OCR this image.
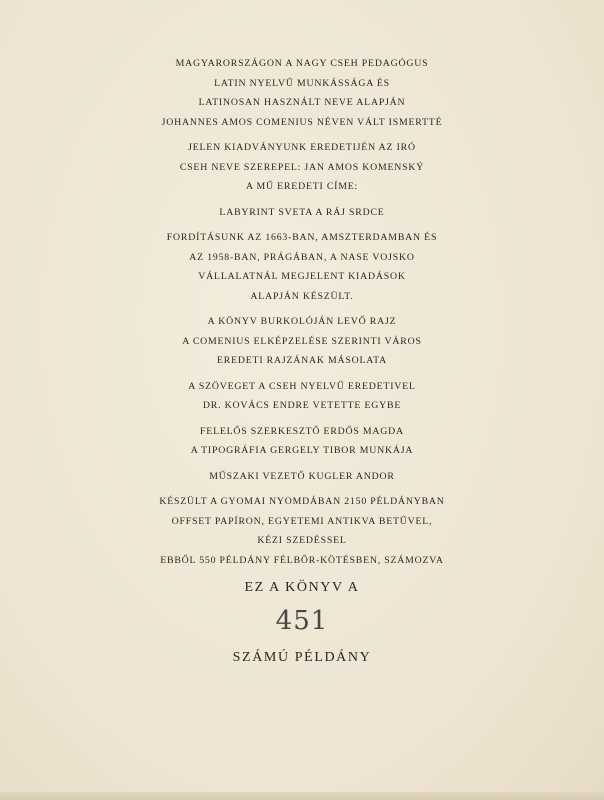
MAGYARORSZÁGON A NAGY CSEH PEDAGÓGUS
LATIN NYELVŰ MUNKÁSSÁGA ÉS
LATINOSAN HASZNÁLT NEVE ALAPJÁN
JOHANNES AMOS COMENIUS NÉVEN VÁLT ISMERTTÉ
JELEN KIADVÁNYUNK EREDETIJÉN AZ IRÓ
CSEH NEVE SZEREPEL: JAN AMOS KOMENSKÝ
A MŰ EREDETI CÍME:
LABYRINT SVETA A RÁJ SRDCE
FORDÍTÁSUNK AZ 1663-BAN, AMSZTERDAMBAN ÉS
AZ 1958-BAN, PRÁGÁBAN, A NASE VOJSKO
VÁLLALATNÁL MEGJELENT KIADÁSOK
ALAPJÁN KÉSZÜLT.
A KÖNYV BURKOLÓJÁN LEVŐ RAJZ
A COMENIUS ELKÉPZELÉSE SZERINTI VÁROS
EREDETI RAJZÁNAK MÁSOLATA
A SZÖVEGET A CSEH NYELVŰ EREDETIVEL
DR. KOVÁCS ENDRE VETETTE EGYBE
FELELŐS SZERKESZTŐ ERDŐS MAGDA
A TIPOGRÁFIA GERGELY TIBOR MUNKÁJA
MŰSZAKI VEZETŐ KUGLER ANDOR
KÉSZÜLT A GYOMAI NYOMDÁBAN 2150 PÉLDÁNYBAN
OFFSET PAPÍRON, EGYETEMI ANTIKVA BETŰVEL,
KÉZI SZEDÉSSEL
EBBŐL 550 PÉLDÁNY FÉLBŐR-KÖTÉSBEN, SZÁMOZVA
EZ A KÖNYV A
451
SZÁMÚ PÉLDÁNY
